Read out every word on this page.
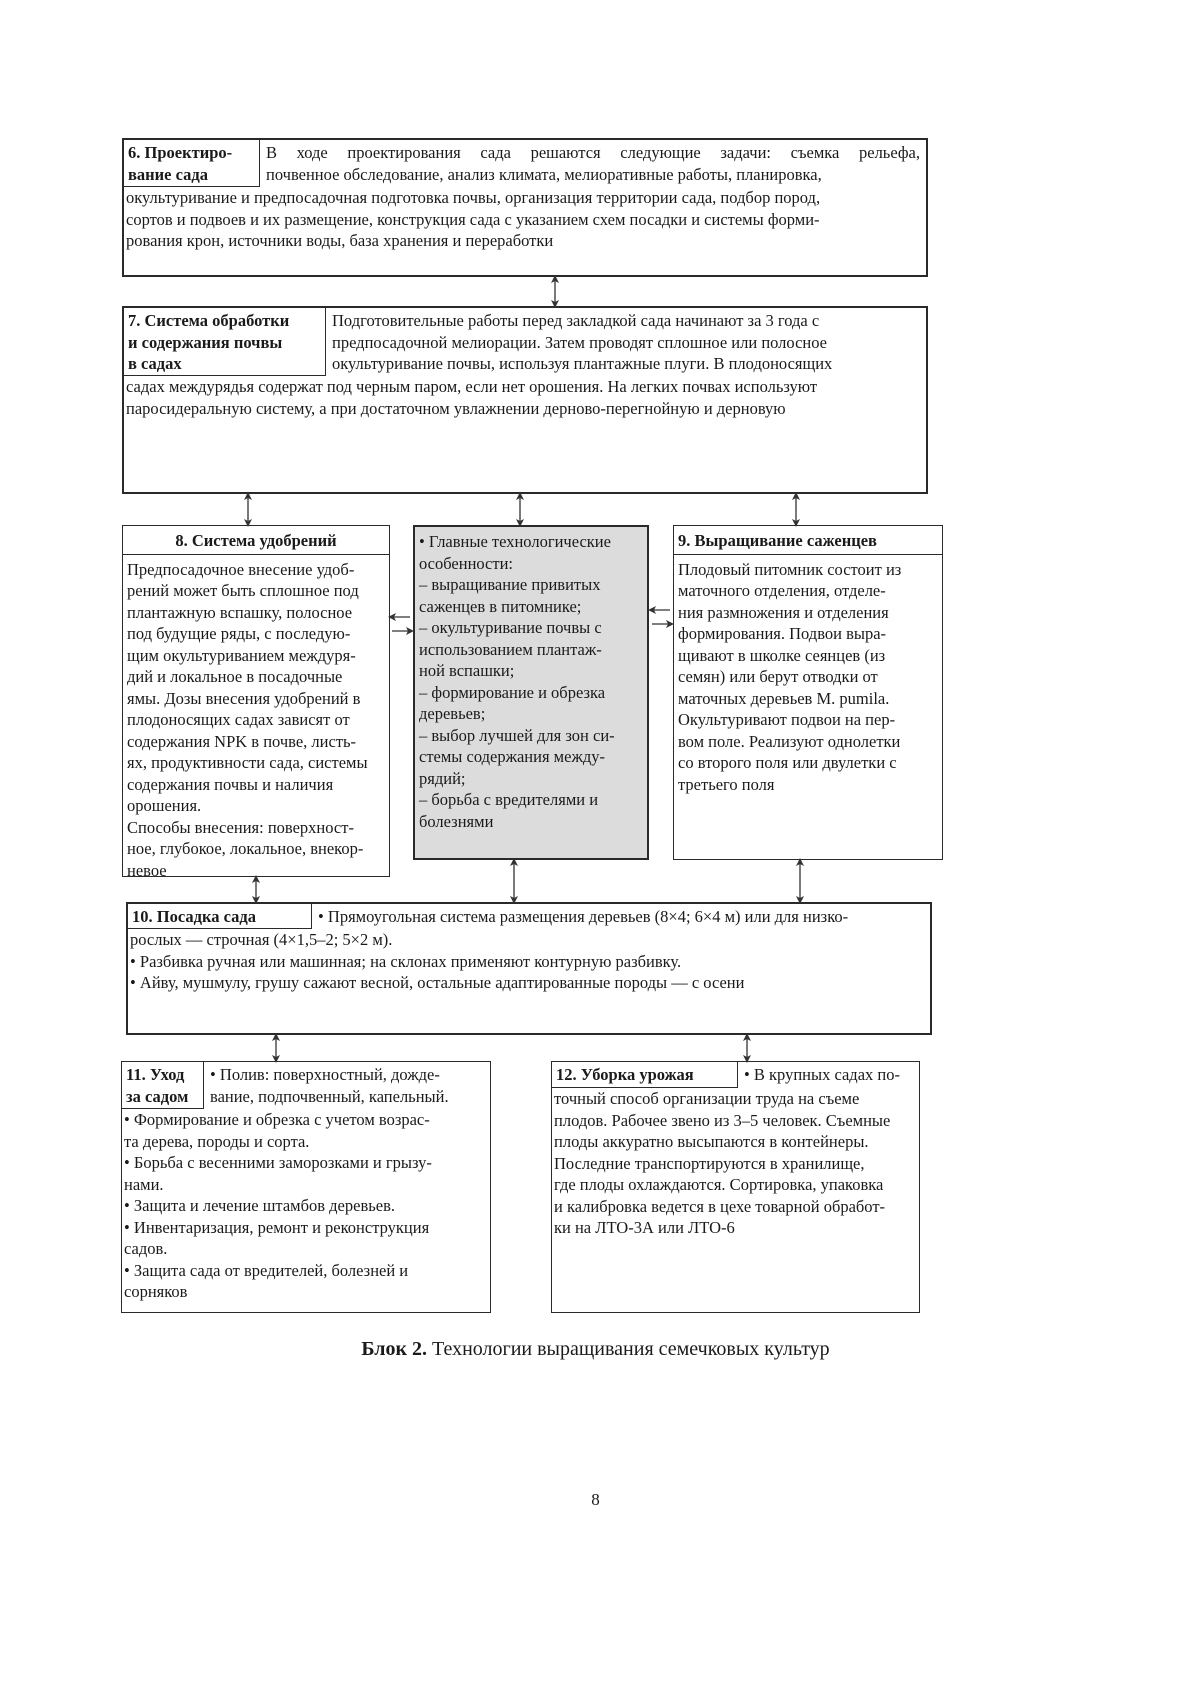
6. Проектиро-
вание сада
В ходе проектирования сада решаются следующие задачи: съемка рельефа,
почвенное обследование, анализ климата, мелиоративные работы, планировка,
окультуривание и предпосадочная подготовка почвы, организация территории сада, подбор пород,
сортов и подвоев и их размещение, конструкция сада с указанием схем посадки и системы форми-
рования крон, источники воды, база хранения и переработки
7. Система обработки
и содержания почвы
в садах
Подготовительные работы перед закладкой сада начинают за 3 года с
предпосадочной мелиорации. Затем проводят сплошное или полосное
окультуривание почвы, используя плантажные плуги. В плодоносящих
садах междурядья содержат под черным паром, если нет орошения. На легких почвах используют
паросидеральную систему, а при достаточном увлажнении дерново-перегнойную и дерновую
8. Система удобрений
Предпосадочное внесение удоб-
рений может быть сплошное под
плантажную вспашку, полосное
под будущие ряды, с последую-
щим окультуриванием междуря-
дий и локальное в посадочные
ямы. Дозы внесения удобрений в
плодоносящих садах зависят от
содержания NPK в почве, листь-
ях, продуктивности сада, системы
содержания почвы и наличия
орошения.
Способы внесения: поверхност-
ное, глубокое, локальное, внекор-
невое
• Главные технологические
особенности:
– выращивание привитых
саженцев в питомнике;
– окультуривание почвы с
использованием плантаж-
ной вспашки;
– формирование и обрезка
деревьев;
– выбор лучшей для зон си-
стемы содержания между-
рядий;
– борьба с вредителями и
болезнями
9. Выращивание саженцев
Плодовый питомник состоит из
маточного отделения, отделе-
ния размножения и отделения
формирования. Подвои выра-
щивают в школке сеянцев (из
семян) или берут отводки от
маточных деревьев M. pumila.
Окультуривают подвои на пер-
вом поле. Реализуют однолетки
со второго поля или двулетки с
третьего поля
10. Посадка сада	• Прямоугольная система размещения деревьев (8×4; 6×4 м) или для низко-
рослых — строчная (4×1,5–2; 5×2 м).
• Разбивка ручная или машинная; на склонах применяют контурную разбивку.
• Айву, мушмулу, грушу сажают весной, остальные адаптированные породы — с осени
11. Уход
за садом
• Полив: поверхностный, дожде-
вание, подпочвенный, капельный.
• Формирование и обрезка с учетом возрас-
та дерева, породы и сорта.
• Борьба с весенними заморозками и грызу-
нами.
• Защита и лечение штамбов деревьев.
• Инвентаризация, ремонт и реконструкция
садов.
• Защита сада от вредителей, болезней и
сорняков
12. Уборка урожая	• В крупных садах по-
точный способ организации труда на съеме
плодов. Рабочее звено из 3–5 человек. Съемные
плоды аккуратно высыпаются в контейнеры.
Последние транспортируются в хранилище,
где плоды охлаждаются. Сортировка, упаковка
и калибровка ведется в цехе товарной обработ-
ки на ЛТО-3А или ЛТО-6
Блок 2. Технологии выращивания семечковых культур
8
